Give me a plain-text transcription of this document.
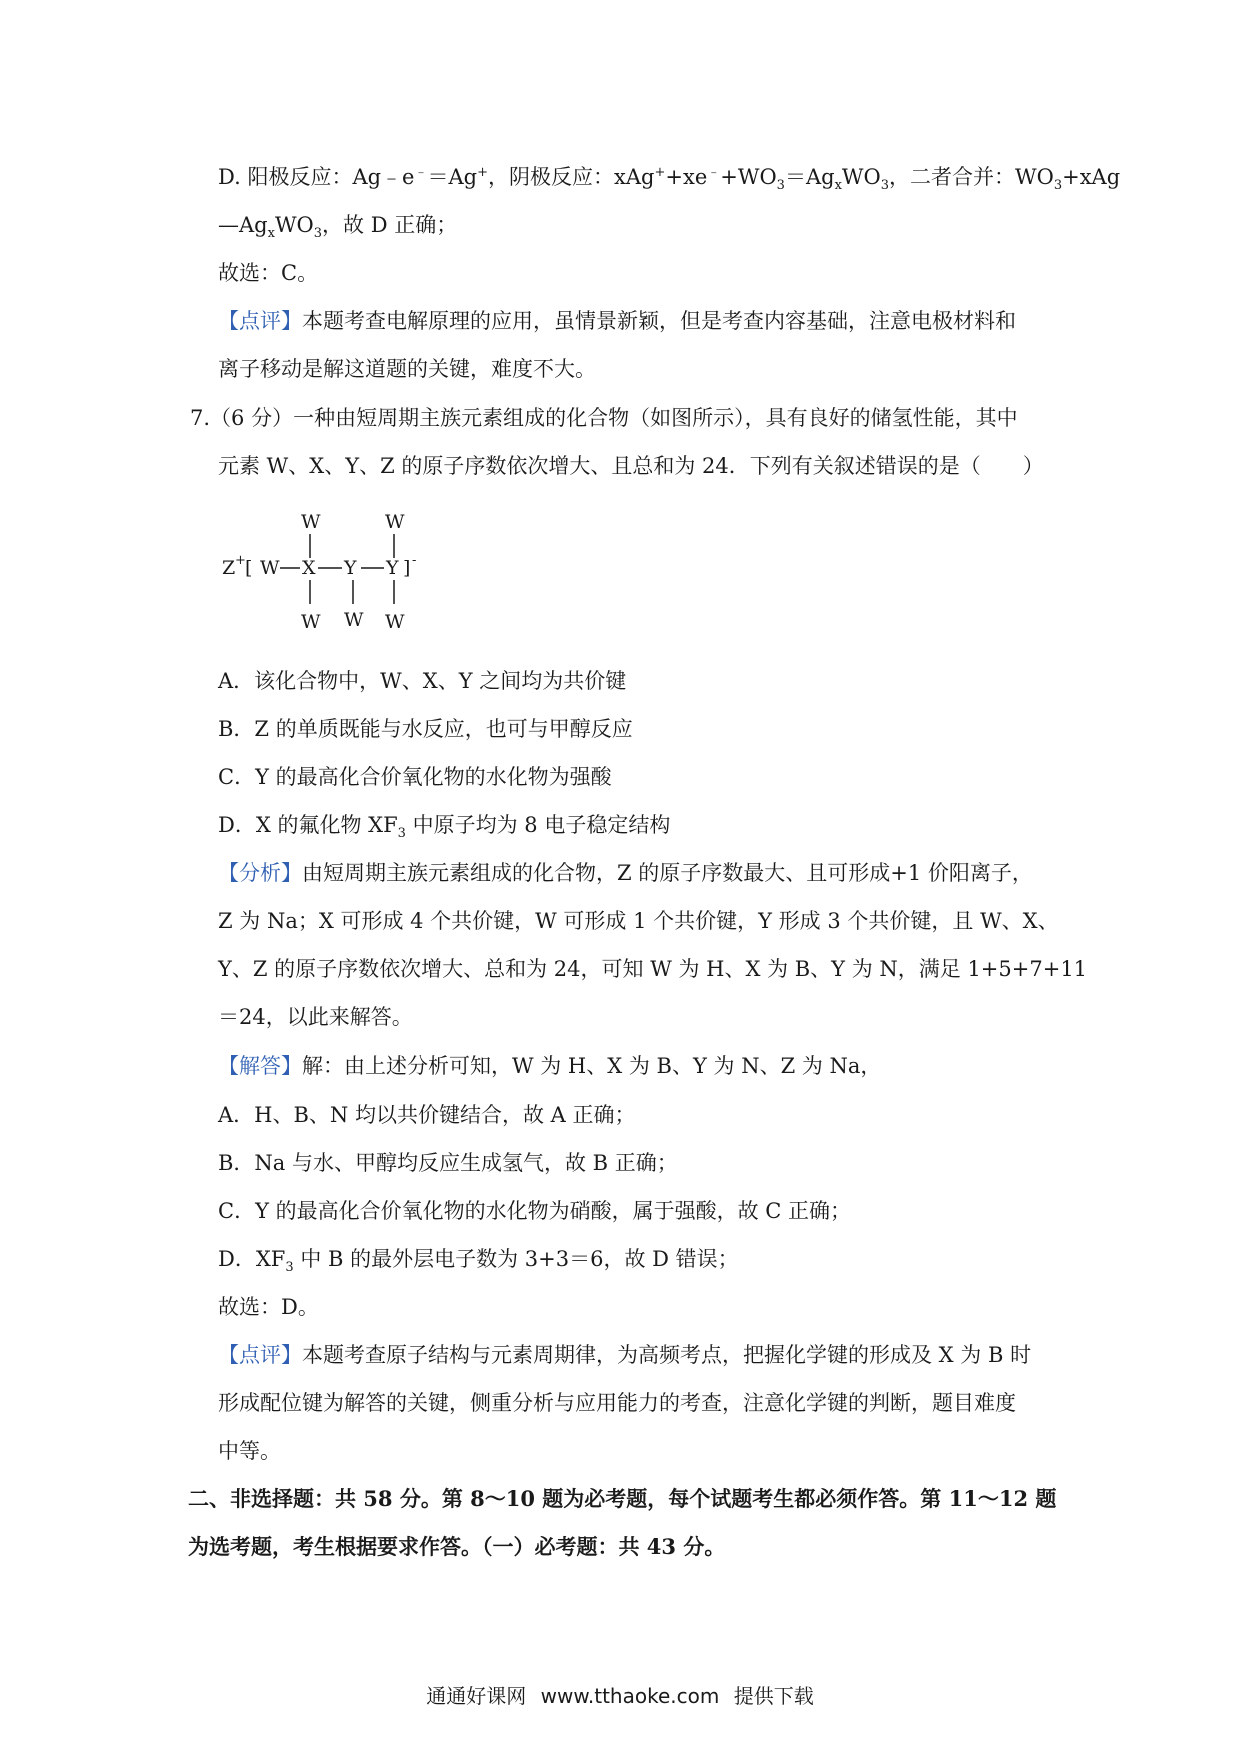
D. 阳极反应：Ag﹣e﹣＝Ag+，阴极反应：$xAg^++xe^﹣+WO_3=Ag_xWO_3$，二者合并：$WO_3+xAg$
$—Ag_xWO_3$，故 D 正确；
故选：C。
【点评】本题考查电解原理的应用，虽情景新颖，但是考查内容基础，注意电极材料和
离子移动是解这道题的关键，难度不大。
7.（6 分）一种由短周期主族元素组成的化合物（如图所示），具有良好的储氢性能，其中
元素 W、X、Y、Z 的原子序数依次增大、且总和为 24．下列有关叙述错误的是（　　）
W	W
Z + [ W X Y Y ] -
W W W
A．该化合物中，W、X、Y 之间均为共价键
B．Z 的单质既能与水反应，也可与甲醇反应
C．Y 的最高化合价氧化物的水化物为强酸
D．X 的氟化物 $XF_3$ 中原子均为 8 电子稳定结构
【分析】由短周期主族元素组成的化合物，Z 的原子序数最大、且可形成+1 价阳离子，
Z 为 Na；X 可形成 4 个共价键，W 可形成 1 个共价键，Y 形成 3 个共价键，且 W、X、
Y、Z 的原子序数依次增大、总和为 24，可知 W 为 H、X 为 B、Y 为 N，满足 1+5+7+11
＝24，以此来解答。
【解答】解：由上述分析可知，W 为 H、X 为 B、Y 为 N、Z 为 Na，
A．H、B、N 均以共价键结合，故 A 正确；
B．Na 与水、甲醇均反应生成氢气，故 B 正确；
C．Y 的最高化合价氧化物的水化物为硝酸，属于强酸，故 C 正确；
D．$XF_3$ 中 B 的最外层电子数为 3+3＝6，故 D 错误；
故选：D。
【点评】本题考查原子结构与元素周期律，为高频考点，把握化学键的形成及 X 为 B 时
形成配位键为解答的关键，侧重分析与应用能力的考查，注意化学键的判断，题目难度
中等。
二、非选择题：共 58 分。第 8～10 题为必考题，每个试题考生都必须作答。第 11～12 题
为选考题，考生根据要求作答。（一）必考题：共 43 分。
通通好课网 www.tthaoke.com 提供下载
